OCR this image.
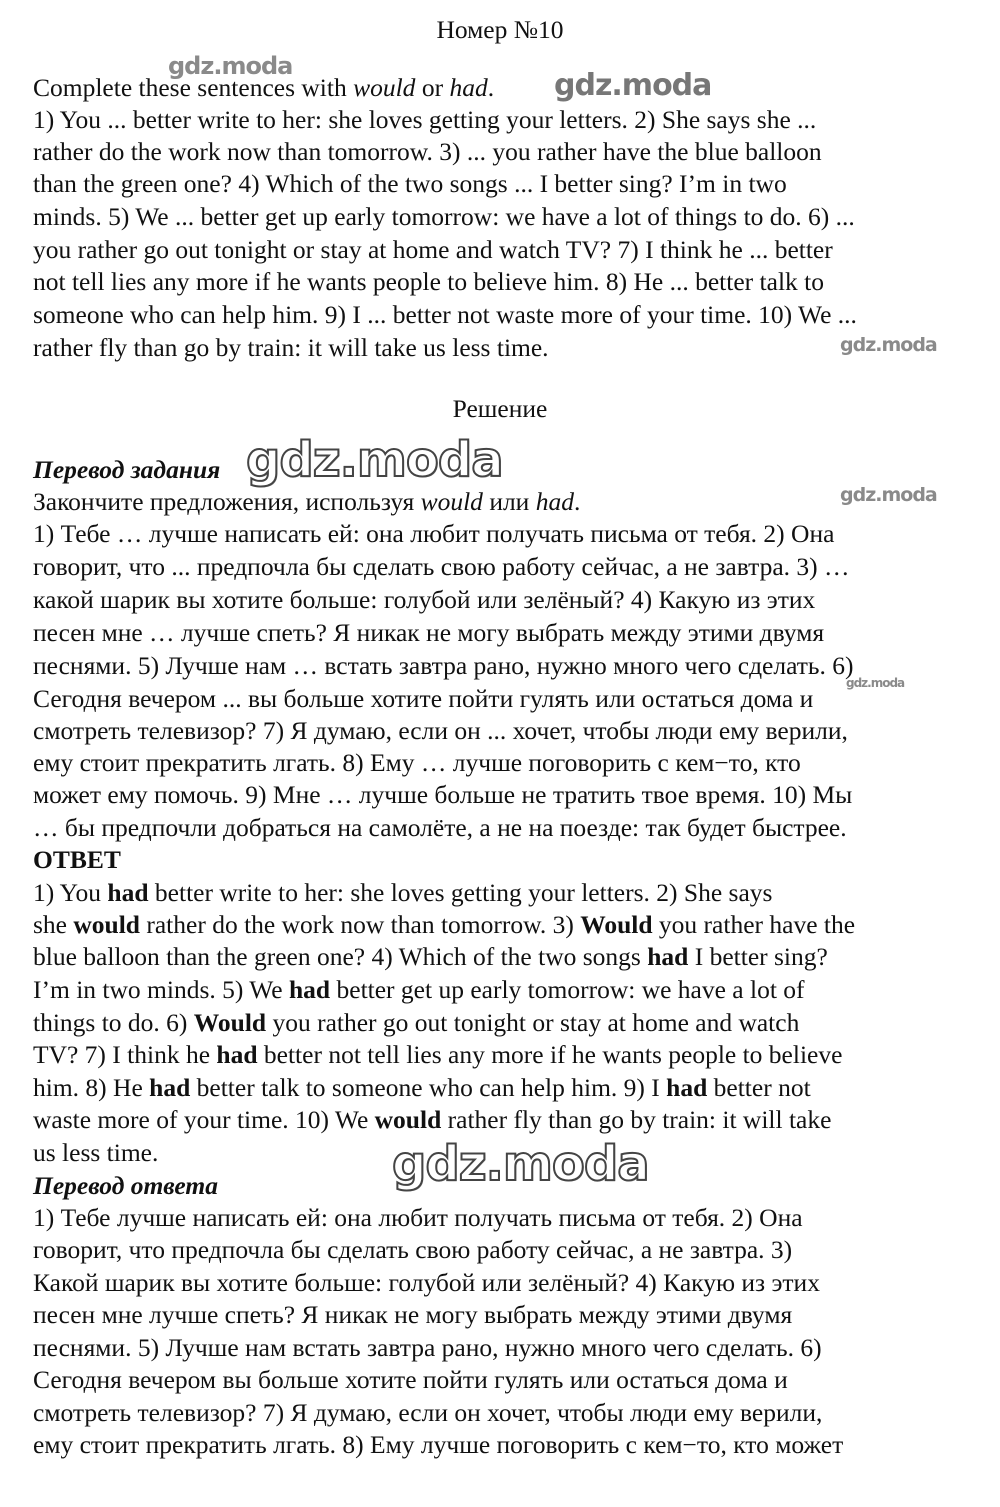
Номер №10
Complete these sentences with would or had.
1) You ... better write to her: she loves getting your letters. 2) She says she ...
rather do the work now than tomorrow. 3) ... you rather have the blue balloon
than the green one? 4) Which of the two songs ... I better sing? I’m in two
minds. 5) We ... better get up early tomorrow: we have a lot of things to do. 6) ...
you rather go out tonight or stay at home and watch TV? 7) I think he ... better
not tell lies any more if he wants people to believe him. 8) He ... better talk to
someone who can help him. 9) I ... better not waste more of your time. 10) We ...
rather fly than go by train: it will take us less time.
Решение
Перевод задания
Закончите предложения, используя would или had.
1) Тебе … лучше написать ей: она любит получать письма от тебя. 2) Она
говорит, что ... предпочла бы сделать свою работу сейчас, а не завтра. 3) …
какой шарик вы хотите больше: голубой или зелёный? 4) Какую из этих
песен мне … лучше спеть? Я никак не могу выбрать между этими двумя
песнями. 5) Лучше нам … встать завтра рано, нужно много чего сделать. 6)
Сегодня вечером ... вы больше хотите пойти гулять или остаться дома и
смотреть телевизор? 7) Я думаю, если он ... хочет, чтобы люди ему верили,
ему стоит прекратить лгать. 8) Ему … лучше поговорить с кем−то, кто
может ему помочь. 9) Мне … лучше больше не тратить твое время. 10) Мы
… бы предпочли добраться на самолёте, а не на поезде: так будет быстрее.
ОТВЕТ
1) You had better write to her: she loves getting your letters. 2) She says
she would rather do the work now than tomorrow. 3) Would you rather have the
blue balloon than the green one? 4) Which of the two songs had I better sing?
I’m in two minds. 5) We had better get up early tomorrow: we have a lot of
things to do. 6) Would you rather go out tonight or stay at home and watch
TV? 7) I think he had better not tell lies any more if he wants people to believe
him. 8) He had better talk to someone who can help him. 9) I had better not
waste more of your time. 10) We would rather fly than go by train: it will take
us less time.
Перевод ответа
1) Тебе лучше написать ей: она любит получать письма от тебя. 2) Она
говорит, что предпочла бы сделать свою работу сейчас, а не завтра. 3)
Какой шарик вы хотите больше: голубой или зелёный? 4) Какую из этих
песен мне лучше спеть? Я никак не могу выбрать между этими двумя
песнями. 5) Лучше нам встать завтра рано, нужно много чего сделать. 6)
Сегодня вечером вы больше хотите пойти гулять или остаться дома и
смотреть телевизор? 7) Я думаю, если он хочет, чтобы люди ему верили,
ему стоит прекратить лгать. 8) Ему лучше поговорить с кем−то, кто может
gdz.moda
gdz.moda
gdz.moda
gdz.moda
gdz.moda
gdz.moda
gdz.moda
